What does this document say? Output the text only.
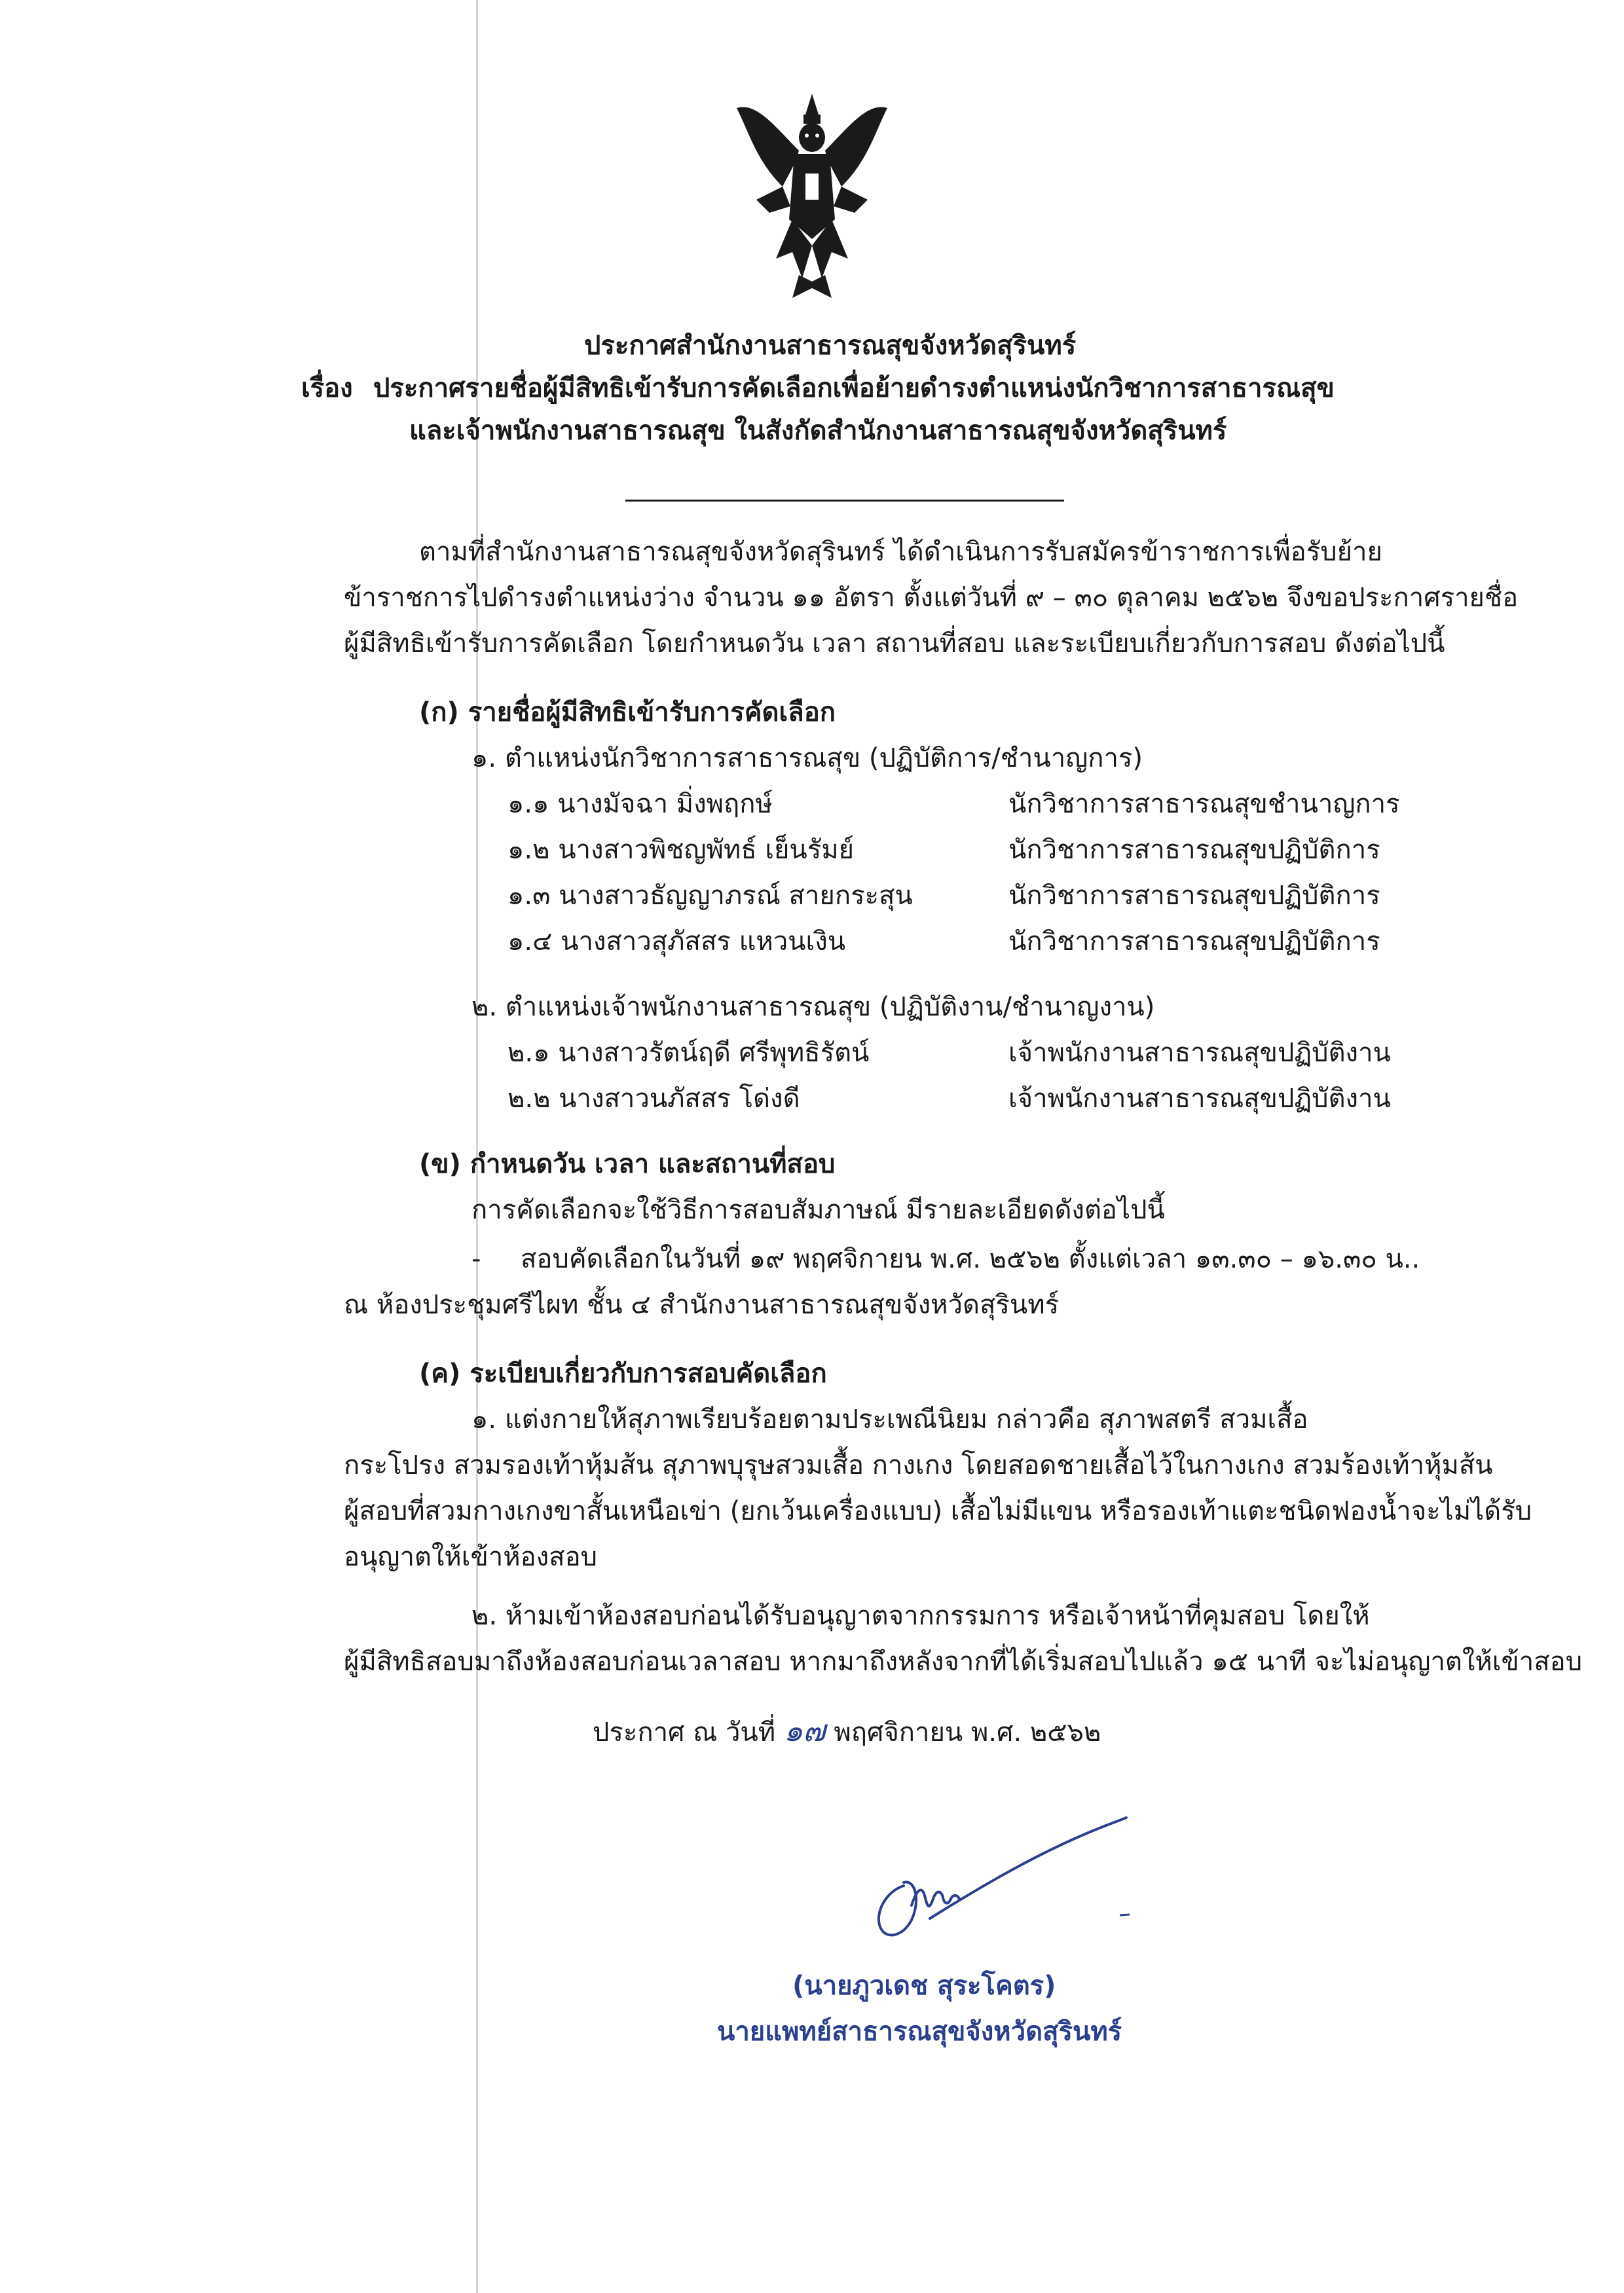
ประกาศสำนักงานสาธารณสุขจังหวัดสุรินทร์
เรื่อง ประกาศรายชื่อผู้มีสิทธิเข้ารับการคัดเลือกเพื่อย้ายดำรงตำแหน่งนักวิชาการสาธารณสุข
และเจ้าพนักงานสาธารณสุข ในสังกัดสำนักงานสาธารณสุขจังหวัดสุรินทร์
ตามที่สำนักงานสาธารณสุขจังหวัดสุรินทร์ ได้ดำเนินการรับสมัครข้าราชการเพื่อรับย้าย
ข้าราชการไปดำรงตำแหน่งว่าง จำนวน ๑๑ อัตรา ตั้งแต่วันที่ ๙ – ๓๐ ตุลาคม ๒๕๖๒ จึงขอประกาศรายชื่อ
ผู้มีสิทธิเข้ารับการคัดเลือก โดยกำหนดวัน เวลา สถานที่สอบ และระเบียบเกี่ยวกับการสอบ ดังต่อไปนี้
(ก) รายชื่อผู้มีสิทธิเข้ารับการคัดเลือก
๑. ตำแหน่งนักวิชาการสาธารณสุข (ปฏิบัติการ/ชำนาญการ)
๑.๑ นางมัจฉา มิ่งพฤกษ์	นักวิชาการสาธารณสุขชำนาญการ
๑.๒ นางสาวพิชญพัทธ์ เย็นรัมย์	นักวิชาการสาธารณสุขปฏิบัติการ
๑.๓ นางสาวธัญญาภรณ์ สายกระสุน	นักวิชาการสาธารณสุขปฏิบัติการ
๑.๔ นางสาวสุภัสสร แหวนเงิน	นักวิชาการสาธารณสุขปฏิบัติการ
๒. ตำแหน่งเจ้าพนักงานสาธารณสุข (ปฏิบัติงาน/ชำนาญงาน)
๒.๑ นางสาวรัตน์ฤดี ศรีพุทธิรัตน์	เจ้าพนักงานสาธารณสุขปฏิบัติงาน
๒.๒ นางสาวนภัสสร โด่งดี	เจ้าพนักงานสาธารณสุขปฏิบัติงาน
(ข) กำหนดวัน เวลา และสถานที่สอบ
การคัดเลือกจะใช้วิธีการสอบสัมภาษณ์ มีรายละเอียดดังต่อไปนี้
- สอบคัดเลือกในวันที่ ๑๙ พฤศจิกายน พ.ศ. ๒๕๖๒ ตั้งแต่เวลา ๑๓.๓๐ – ๑๖.๓๐ น..
ณ ห้องประชุมศรีไผท ชั้น ๔ สำนักงานสาธารณสุขจังหวัดสุรินทร์
(ค) ระเบียบเกี่ยวกับการสอบคัดเลือก
๑. แต่งกายให้สุภาพเรียบร้อยตามประเพณีนิยม กล่าวคือ สุภาพสตรี สวมเสื้อ
กระโปรง สวมรองเท้าหุ้มส้น สุภาพบุรุษสวมเสื้อ กางเกง โดยสอดชายเสื้อไว้ในกางเกง สวมร้องเท้าหุ้มส้น
ผู้สอบที่สวมกางเกงขาสั้นเหนือเข่า (ยกเว้นเครื่องแบบ) เสื้อไม่มีแขน หรือรองเท้าแตะชนิดฟองน้ำจะไม่ได้รับ
อนุญาตให้เข้าห้องสอบ
๒. ห้ามเข้าห้องสอบก่อนได้รับอนุญาตจากกรรมการ หรือเจ้าหน้าที่คุมสอบ โดยให้
ผู้มีสิทธิสอบมาถึงห้องสอบก่อนเวลาสอบ หากมาถึงหลังจากที่ได้เริ่มสอบไปแล้ว ๑๕ นาที จะไม่อนุญาตให้เข้าสอบ
ประกาศ ณ วันที่ ๑๗ พฤศจิกายน พ.ศ. ๒๕๖๒
(นายภูวเดช สุระโคตร)
นายแพทย์สาธารณสุขจังหวัดสุรินทร์
